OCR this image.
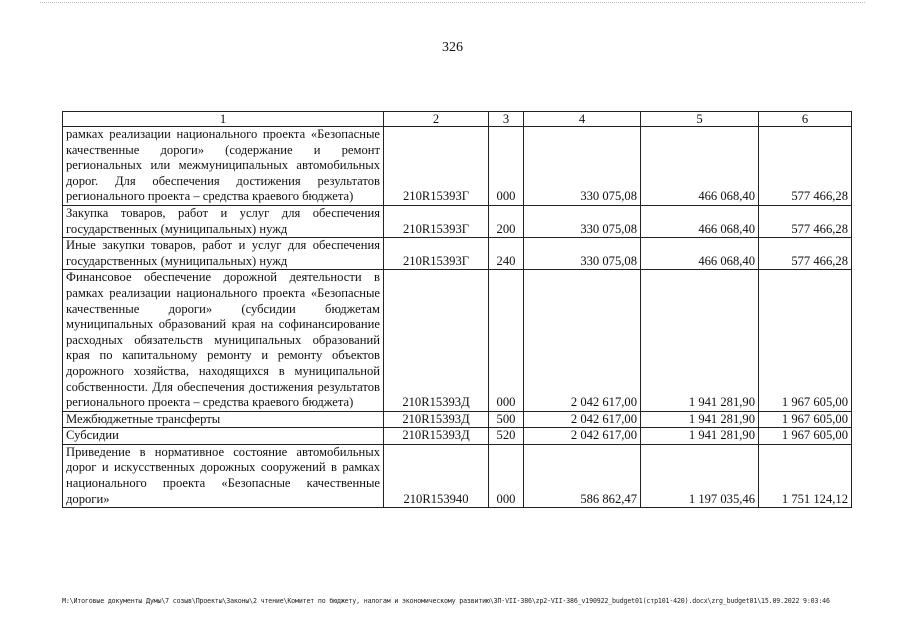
326
1	2	3	4	5	6
рамках реализации национального проекта «Безопасные качественные дороги» (содержание и ремонт региональных или межмуниципальных автомобильных дорог. Для обеспечения достижения результатов регионального проекта – средства краевого бюджета)	210R15393Г	000	330 075,08	466 068,40	577 466,28
Закупка товаров, работ и услуг для обеспечения государственных (муниципальных) нужд	210R15393Г	200	330 075,08	466 068,40	577 466,28
Иные закупки товаров, работ и услуг для обеспечения государственных (муниципальных) нужд	210R15393Г	240	330 075,08	466 068,40	577 466,28
Финансовое обеспечение дорожной деятельности в рамках реализации национального проекта «Безопасные качественные дороги» (субсидии бюджетам муниципальных образований края на софинансирование расходных обязательств муниципальных образований края по капитальному ремонту и ремонту объектов дорожного хозяйства, находящихся в муниципальной собственности. Для обеспечения достижения результатов регионального проекта – средства краевого бюджета)	210R15393Д	000	2 042 617,00	1 941 281,90	1 967 605,00
Межбюджетные трансферты	210R15393Д	500	2 042 617,00	1 941 281,90	1 967 605,00
Субсидии	210R15393Д	520	2 042 617,00	1 941 281,90	1 967 605,00
Приведение в нормативное состояние автомобильных дорог и искусственных дорожных сооружений в рамках национального проекта «Безопасные качественные дороги»	210R153940	000	586 862,47	1 197 035,46	1 751 124,12
M:\Итоговые документы Думы\7 созыв\Проекты\Законы\2 чтение\Комитет по бюджету, налогам и экономическому развитию\ЗП-VII-386\zp2-VII-386_v190922_budget01(стр101-420).docx\zrg_budget01\15.09.2022 9:03:46
